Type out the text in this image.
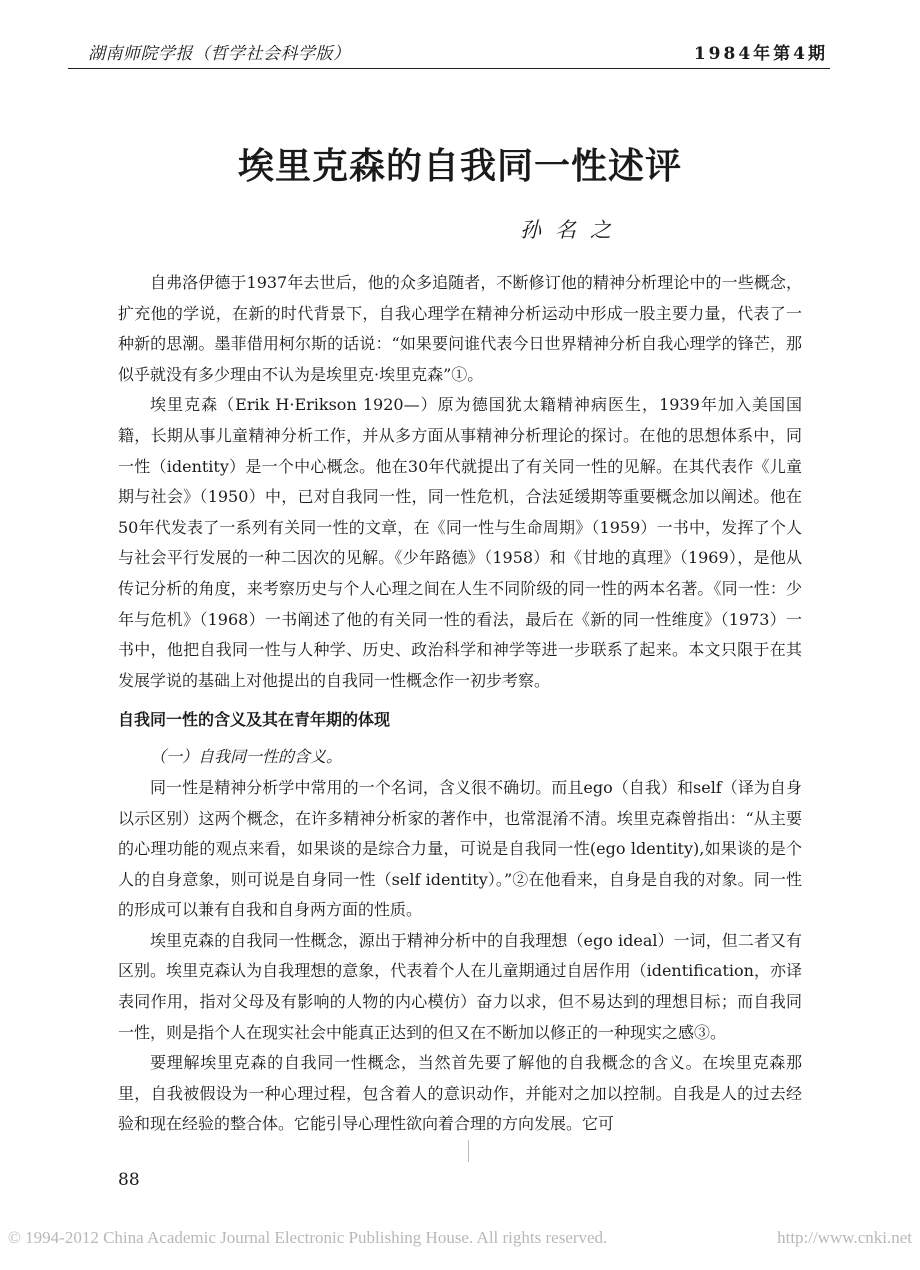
湖南师院学报（哲学社会科学版）	1984年第4期
埃里克森的自我同一性述评
孙名之

自弗洛伊德于1937年去世后，他的众多追随者，不断修订他的精神分析理论中的一些概念，扩充他的学说，在新的时代背景下，自我心理学在精神分析运动中形成一股主要力量，代表了一种新的思潮。墨菲借用柯尔斯的话说：“如果要问谁代表今日世界精神分析自我心理学的锋芒，那似乎就没有多少理由不认为是埃里克·埃里克森”①。

埃里克森（Erik H·Erikson 1920—）原为德国犹太籍精神病医生，1939年加入美国国籍，长期从事儿童精神分析工作，并从多方面从事精神分析理论的探讨。在他的思想体系中，同一性（identity）是一个中心概念。他在30年代就提出了有关同一性的见解。在其代表作《儿童期与社会》（1950）中，已对自我同一性，同一性危机，合法延缓期等重要概念加以阐述。他在50年代发表了一系列有关同一性的文章，在《同一性与生命周期》（1959）一书中，发挥了个人与社会平行发展的一种二因次的见解。《少年路德》（1958）和《甘地的真理》（1969），是他从传记分析的角度，来考察历史与个人心理之间在人生不同阶级的同一性的两本名著。《同一性：少年与危机》（1968）一书阐述了他的有关同一性的看法，最后在《新的同一性维度》（1973）一书中，他把自我同一性与人种学、历史、政治科学和神学等进一步联系了起来。本文只限于在其发展学说的基础上对他提出的自我同一性概念作一初步考察。

自我同一性的含义及其在青年期的体现
（一）自我同一性的含义。

同一性是精神分析学中常用的一个名词，含义很不确切。而且ego（自我）和self（译为自身以示区别）这两个概念，在许多精神分析家的著作中，也常混淆不清。埃里克森曾指出：“从主要的心理功能的观点来看，如果谈的是综合力量，可说是自我同一性(ego ldentity),如果谈的是个人的自身意象，则可说是自身同一性（self identity）。”②在他看来，自身是自我的对象。同一性的形成可以兼有自我和自身两方面的性质。

埃里克森的自我同一性概念，源出于精神分析中的自我理想（ego ideal）一词，但二者又有区别。埃里克森认为自我理想的意象，代表着个人在儿童期通过自居作用（identification，亦译表同作用，指对父母及有影响的人物的内心模仿）奋力以求，但不易达到的理想目标；而自我同一性，则是指个人在现实社会中能真正达到的但又在不断加以修正的一种现实之感③。

要理解埃里克森的自我同一性概念，当然首先要了解他的自我概念的含义。在埃里克森那里，自我被假设为一种心理过程，包含着人的意识动作，并能对之加以控制。自我是人的过去经验和现在经验的整合体。它能引导心理性欲向着合理的方向发展。它可

88
© 1994-2012 China Academic Journal Electronic Publishing House. All rights reserved.	http://www.cnki.net
